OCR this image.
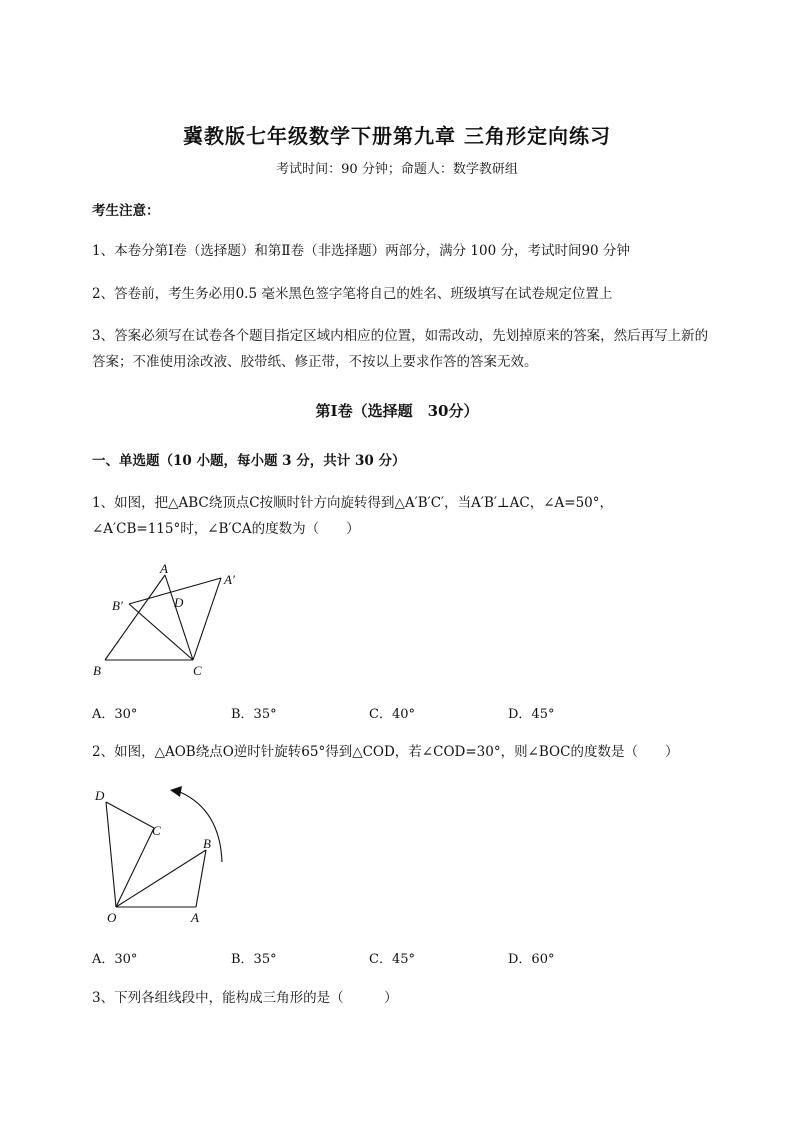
冀教版七年级数学下册第九章 三角形定向练习
考试时间：90 分钟；命题人：数学教研组
考生注意：
1、本卷分第Ⅰ卷（选择题）和第Ⅱ卷（非选择题）两部分，满分 100 分，考试时间90 分钟
2、答卷前，考生务必用0.5 毫米黑色签字笔将自己的姓名、班级填写在试卷规定位置上
3、答案必须写在试卷各个题目指定区域内相应的位置，如需改动，先划掉原来的答案，然后再写上新的答案；不准使用涂改液、胶带纸、修正带，不按以上要求作答的答案无效。
第Ⅰ卷（选择题　30分）
一、单选题（10 小题，每小题 3 分，共计 30 分）
1、如图，把△ABC绕顶点C按顺时针方向旋转得到△A′B′C′，当A′B′⊥AC，∠A=50°，
∠A′CB=115°时，∠B′CA的度数为（　　）
A
A′
B′	D
B	C
A．30°	B．35°	C．40°	D．45°
2、如图，△AOB绕点O逆时针旋转65°得到△COD，若∠COD=30°，则∠BOC的度数是（　　）
D
C
B
O	A
A．30°	B．35°	C．45°	D．60°
3、下列各组线段中，能构成三角形的是（　　　）
